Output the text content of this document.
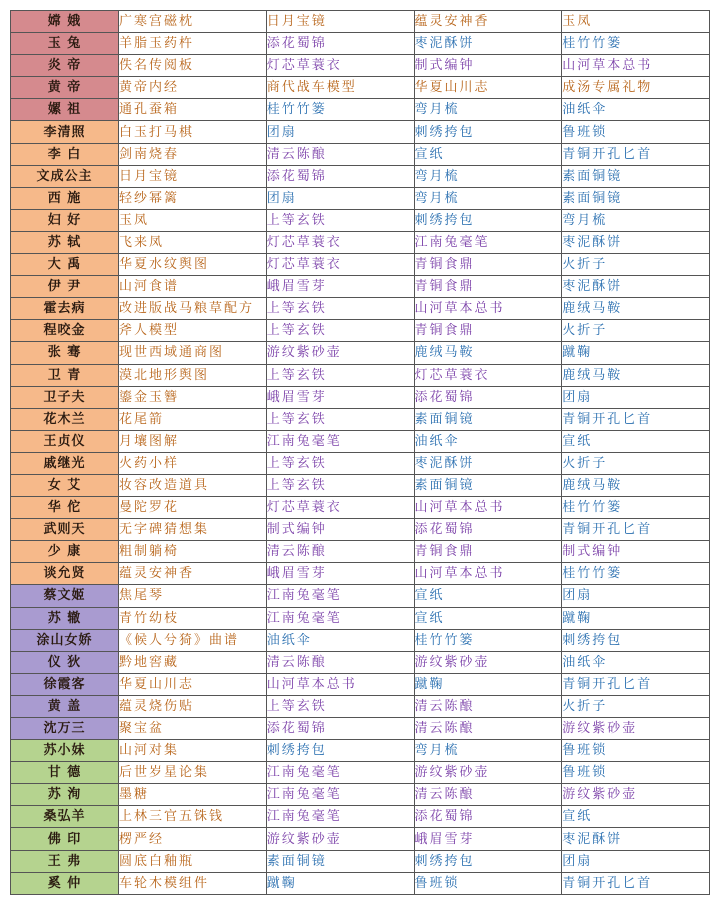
嫦 娥	广寒宫磁枕	日月宝镜	蕴灵安神香	玉凤
玉 兔	羊脂玉药杵	添花蜀锦	枣泥酥饼	桂竹竹篓
炎 帝	佚名传阅板	灯芯草蓑衣	制式编钟	山河草本总书
黄 帝	黄帝内经	商代战车模型	华夏山川志	成汤专属礼物
嫘 祖	通孔蚕箱	桂竹竹篓	弯月梳	油纸伞
李清照	白玉打马棋	团扇	刺绣挎包	鲁班锁
李 白	剑南烧春	清云陈酿	宣纸	青铜开孔匕首
文成公主	日月宝镜	添花蜀锦	弯月梳	素面铜镜
西 施	轻纱幂篱	团扇	弯月梳	素面铜镜
妇 好	玉凤	上等玄铁	刺绣挎包	弯月梳
苏 轼	飞来凤	灯芯草蓑衣	江南兔毫笔	枣泥酥饼
大 禹	华夏水纹舆图	灯芯草蓑衣	青铜食鼎	火折子
伊 尹	山河食谱	峨眉雪芽	青铜食鼎	枣泥酥饼
霍去病	改进版战马粮草配方	上等玄铁	山河草本总书	鹿绒马鞍
程咬金	斧人模型	上等玄铁	青铜食鼎	火折子
张 骞	现世西域通商图	游纹紫砂壶	鹿绒马鞍	蹴鞠
卫 青	漠北地形舆图	上等玄铁	灯芯草蓑衣	鹿绒马鞍
卫子夫	鎏金玉簪	峨眉雪芽	添花蜀锦	团扇
花木兰	花尾箭	上等玄铁	素面铜镜	青铜开孔匕首
王贞仪	月壤图解	江南兔毫笔	油纸伞	宣纸
戚继光	火药小样	上等玄铁	枣泥酥饼	火折子
女 艾	妆容改造道具	上等玄铁	素面铜镜	鹿绒马鞍
华 佗	曼陀罗花	灯芯草蓑衣	山河草本总书	桂竹竹篓
武则天	无字碑猜想集	制式编钟	添花蜀锦	青铜开孔匕首
少 康	粗制躺椅	清云陈酿	青铜食鼎	制式编钟
谈允贤	蕴灵安神香	峨眉雪芽	山河草本总书	桂竹竹篓
蔡文姬	焦尾琴	江南兔毫笔	宣纸	团扇
苏 辙	青竹幼枝	江南兔毫笔	宣纸	蹴鞠
涂山女娇	《候人兮猗》曲谱	油纸伞	桂竹竹篓	刺绣挎包
仪 狄	黔地窖藏	清云陈酿	游纹紫砂壶	油纸伞
徐霞客	华夏山川志	山河草本总书	蹴鞠	青铜开孔匕首
黄 盖	蕴灵烧伤贴	上等玄铁	清云陈酿	火折子
沈万三	聚宝盆	添花蜀锦	清云陈酿	游纹紫砂壶
苏小妹	山河对集	刺绣挎包	弯月梳	鲁班锁
甘 德	后世岁星论集	江南兔毫笔	游纹紫砂壶	鲁班锁
苏 洵	墨糖	江南兔毫笔	清云陈酿	游纹紫砂壶
桑弘羊	上林三官五铢钱	江南兔毫笔	添花蜀锦	宣纸
佛 印	楞严经	游纹紫砂壶	峨眉雪芽	枣泥酥饼
王 弗	圆底白釉瓶	素面铜镜	刺绣挎包	团扇
奚 仲	车轮木模组件	蹴鞠	鲁班锁	青铜开孔匕首
